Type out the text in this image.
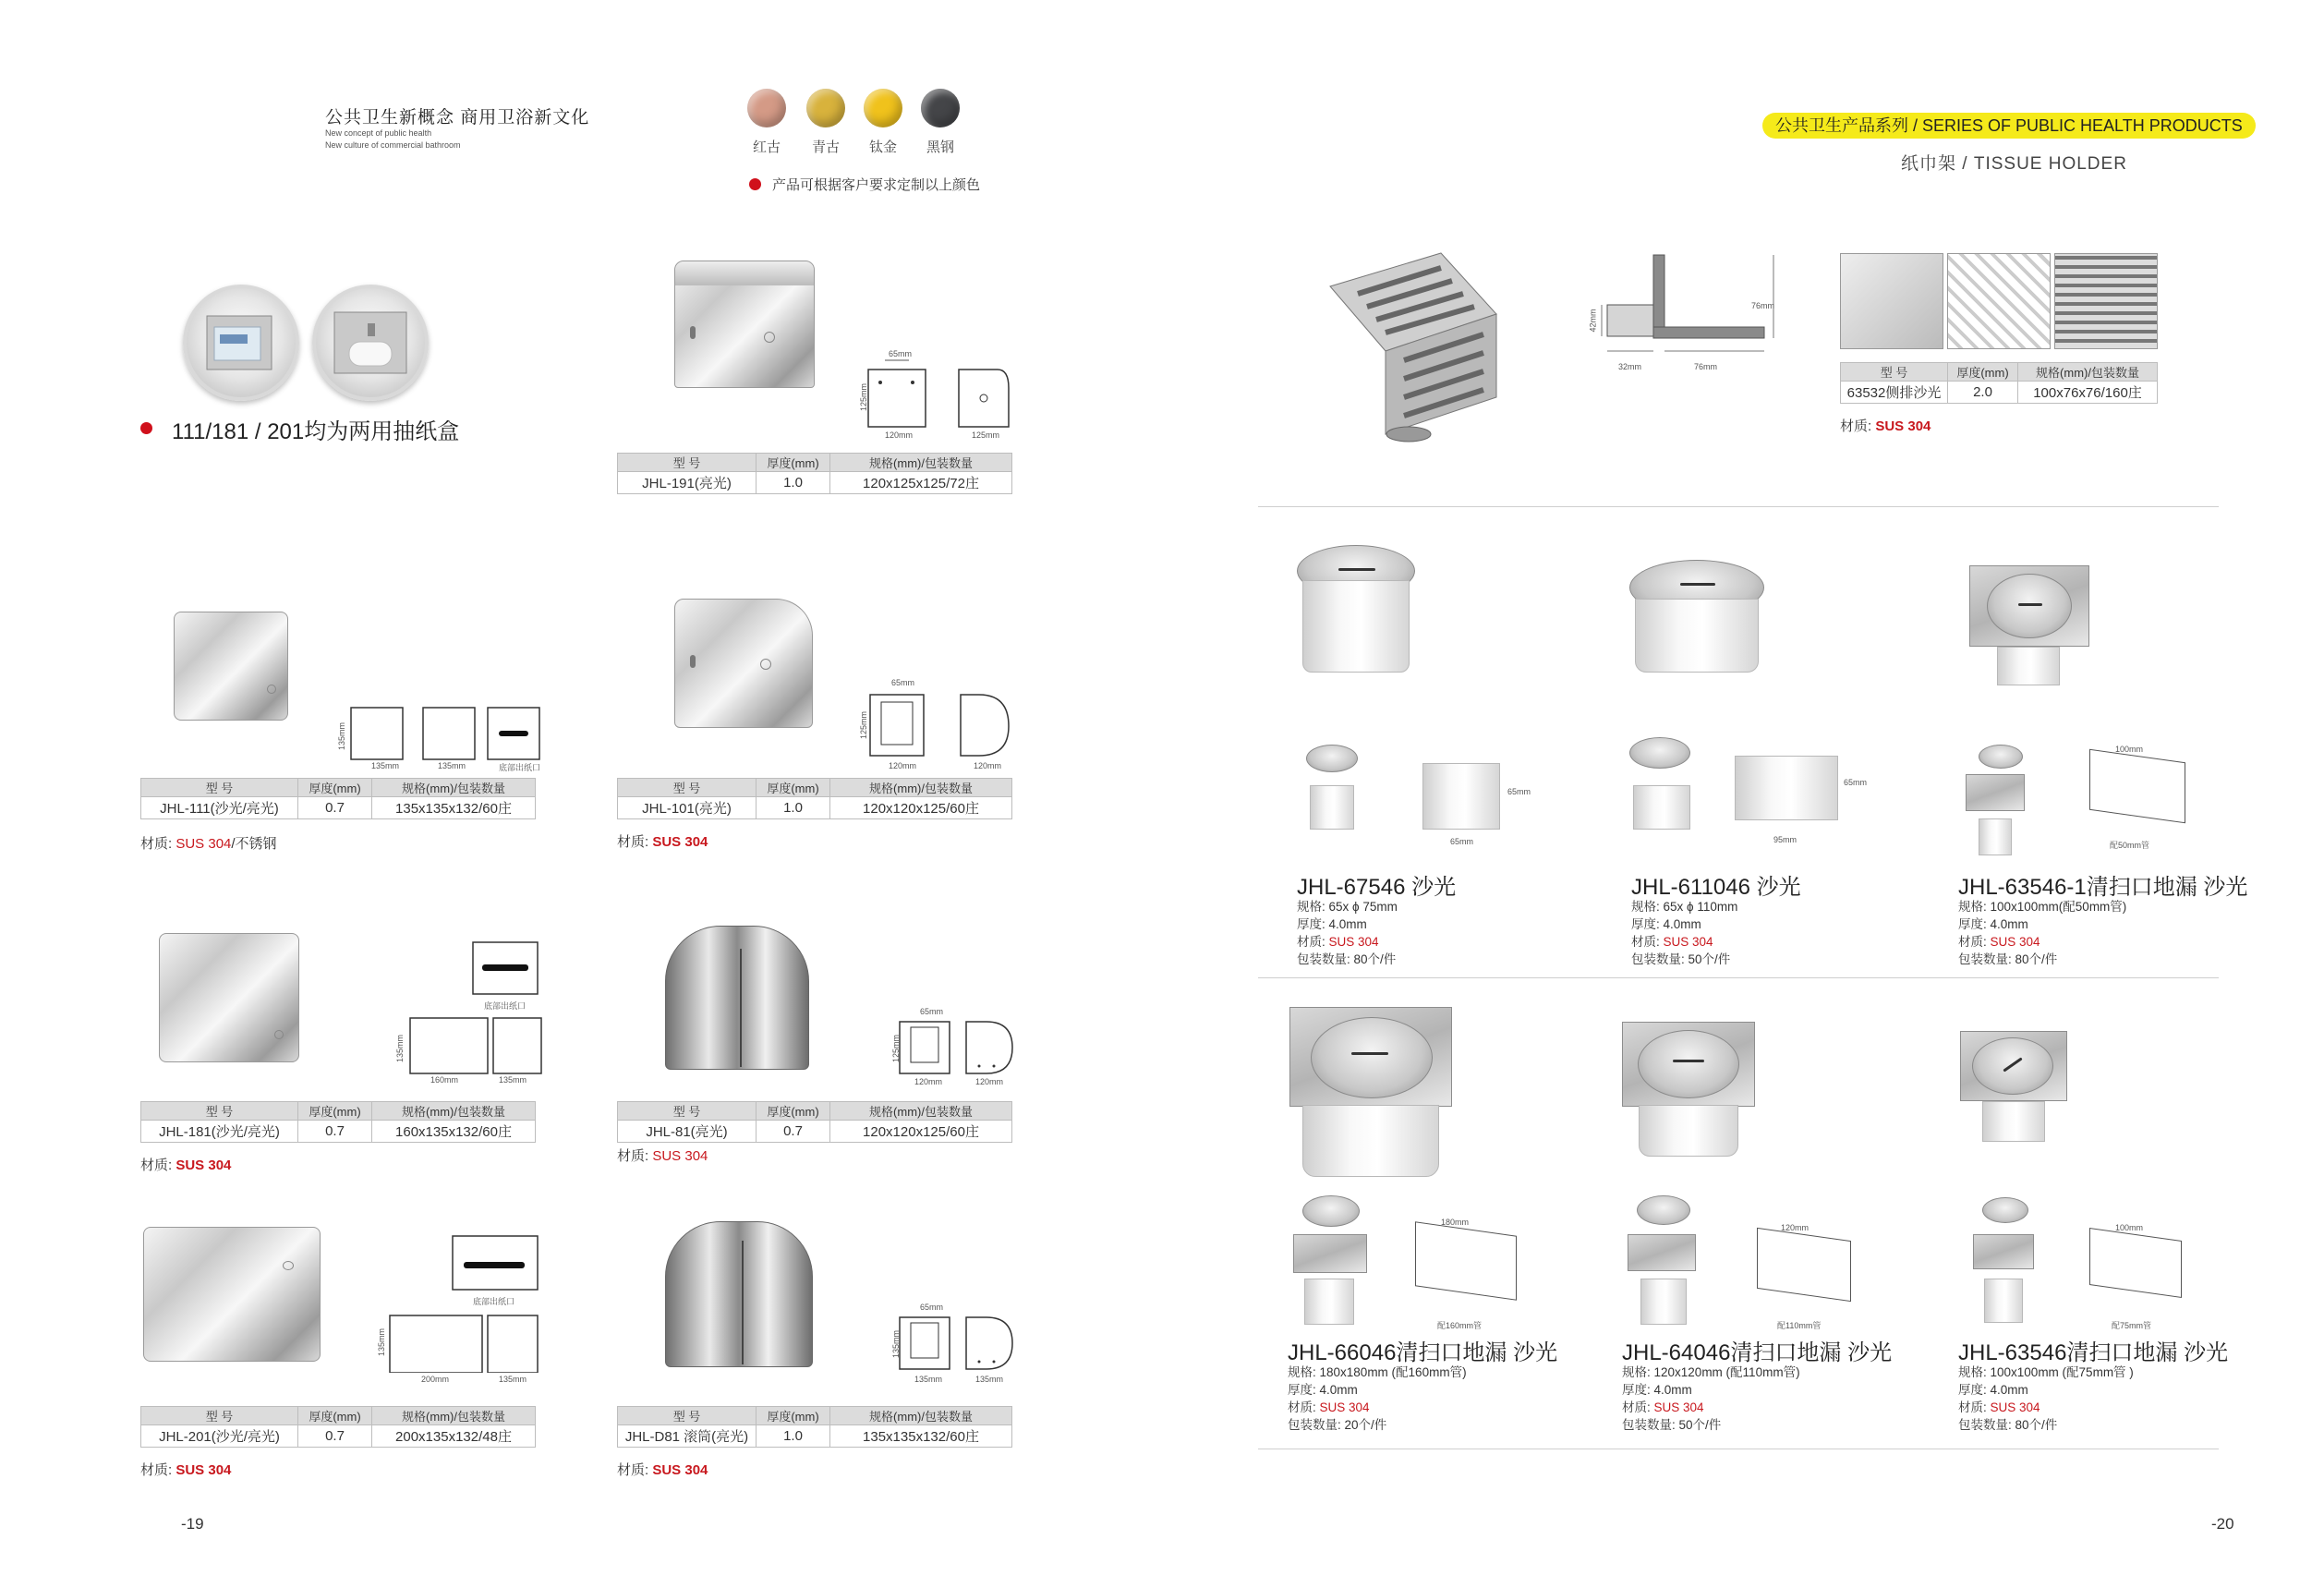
公共卫生新概念 商用卫浴新文化
New concept of public health
New culture of commercial bathroom	红古	青古	钛金	黑钢
产品可根据客户要求定制以上颜色
111/181 / 201均为两用抽纸盒
65mm
125mm
120mm	125mm
型 号	厚度(mm)	规格(mm)/包装数量
JHL-191(亮光)	1.0	120x125x125/72庄
135mm
135mm	135mm	底部出纸口
型 号	厚度(mm)	规格(mm)/包装数量
JHL-111(沙光/亮光)	0.7	135x135x132/60庄
材质: SUS 304/不锈钢
65mm
125mm
120mm	120mm
型 号	厚度(mm)	规格(mm)/包装数量
JHL-101(亮光)	1.0	120x120x125/60庄
材质: SUS 304
底部出纸口
135mm
160mm	135mm
型 号	厚度(mm)	规格(mm)/包装数量
JHL-181(沙光/亮光)	0.7	160x135x132/60庄
材质: SUS 304
65mm
125mm
120mm	120mm
型 号	厚度(mm)	规格(mm)/包装数量
JHL-81(亮光)	0.7	120x120x125/60庄
材质: SUS 304
底部出纸口
135mm
200mm	135mm
型 号	厚度(mm)	规格(mm)/包装数量
JHL-201(沙光/亮光)	0.7	200x135x132/48庄
材质: SUS 304
65mm
135mm
135mm	135mm
型 号	厚度(mm)	规格(mm)/包装数量
JHL-D81 滚筒(亮光)	1.0	135x135x132/60庄
材质: SUS 304
-19
公共卫生产品系列 / SERIES OF PUBLIC HEALTH PRODUCTS
纸巾架 / TISSUE HOLDER
42mm
76mm
32mm	76mm	型 号	厚度(mm)	规格(mm)/包装数量
63532侧排沙光	2.0	100x76x76/160庄
材质: SUS 304
65mm
65mm
JHL-67546 沙光
规格: 65x ϕ 75mm
厚度: 4.0mm
材质: SUS 304
包装数量: 80个/件
65mm
95mm
JHL-611046 沙光
规格: 65x ϕ 110mm
厚度: 4.0mm
材质: SUS 304
包装数量: 50个/件
100mm
配50mm管
JHL-63546-1清扫口地漏 沙光
规格: 100x100mm(配50mm管)
厚度: 4.0mm
材质: SUS 304
包装数量: 80个/件
180mm
配160mm管
JHL-66046清扫口地漏 沙光
规格: 180x180mm (配160mm管)
厚度: 4.0mm
材质: SUS 304
包装数量: 20个/件
120mm
配110mm管
JHL-64046清扫口地漏 沙光
规格: 120x120mm (配110mm管)
厚度: 4.0mm
材质: SUS 304
包装数量: 50个/件
100mm
配75mm管
JHL-63546清扫口地漏 沙光
规格: 100x100mm (配75mm管 )
厚度: 4.0mm
材质: SUS 304
包装数量: 80个/件
-20
